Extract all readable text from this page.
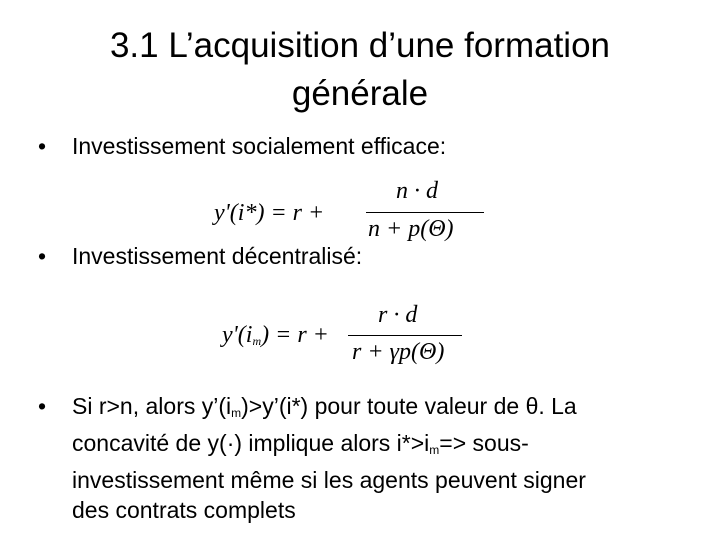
3.1 L’acquisition d’une formation
générale
• Investissement socialement efficace:
y'(i*) = r +
n · d
n + p(Θ)
• Investissement décentralisé:
$y'(i_m) = r$ +
r · d
r + γp(Θ)
• Si r>n, alors $y’(i_m)>y’(i*)$ pour toute valeur de θ. La
concavité de y(·) implique alors $i*>i_m=>$ sous-
investissement même si les agents peuvent signer
des contrats complets
